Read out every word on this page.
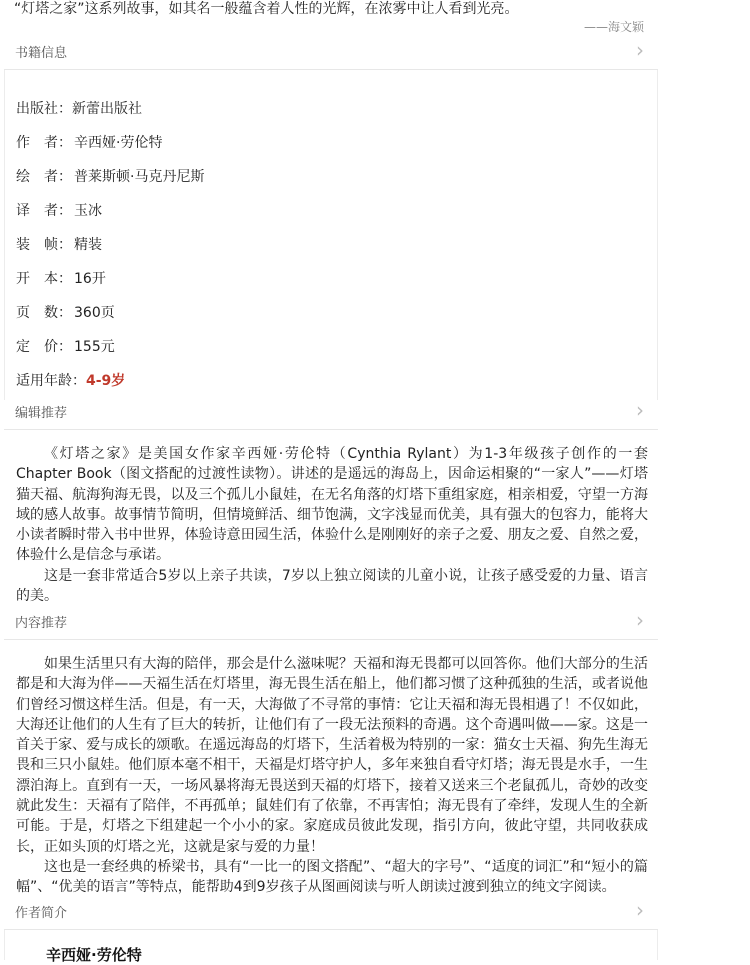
“灯塔之家”这系列故事，如其名一般蕴含着人性的光辉，在浓雾中让人看到光亮。
——海文颖
书籍信息	›
出版社：新蕾出版社
作　者： 辛西娅·劳伦特
绘　者： 普莱斯顿·马克丹尼斯
译　者： 玉冰
装　帧： 精装
开　本： 16开
页　数： 360页
定　价： 155元
适用年龄：4-9岁
编辑推荐	›

《灯塔之家》是美国女作家辛西娅·劳伦特（Cynthia Rylant）为1-3年级孩子创作的一套Chapter Book（图文搭配的过渡性读物）。讲述的是遥远的海岛上，因命运相聚的“一家人”——灯塔猫天福、航海狗海无畏，以及三个孤儿小鼠娃，在无名角落的灯塔下重组家庭，相亲相爱，守望一方海域的感人故事。故事情节简明，但情境鲜活、细节饱满，文字浅显而优美，具有强大的包容力，能将大小读者瞬时带入书中世界，体验诗意田园生活，体验什么是刚刚好的亲子之爱、朋友之爱、自然之爱，体验什么是信念与承诺。

这是一套非常适合5岁以上亲子共读，7岁以上独立阅读的儿童小说，让孩子感受爱的力量、语言的美。

内容推荐	›

如果生活里只有大海的陪伴，那会是什么滋味呢？天福和海无畏都可以回答你。他们大部分的生活都是和大海为伴——天福生活在灯塔里，海无畏生活在船上，他们都习惯了这种孤独的生活，或者说他们曾经习惯这样生活。但是，有一天，大海做了不寻常的事情：它让天福和海无畏相遇了！不仅如此，大海还让他们的人生有了巨大的转折，让他们有了一段无法预料的奇遇。这个奇遇叫做——家。这是一首关于家、爱与成长的颂歌。在遥远海岛的灯塔下，生活着极为特别的一家：猫女士天福、狗先生海无畏和三只小鼠娃。他们原本毫不相干，天福是灯塔守护人，多年来独自看守灯塔；海无畏是水手，一生漂泊海上。直到有一天，一场风暴将海无畏送到天福的灯塔下，接着又送来三个老鼠孤儿，奇妙的改变就此发生：天福有了陪伴，不再孤单；鼠娃们有了依靠，不再害怕；海无畏有了牵绊，发现人生的全新可能。于是，灯塔之下组建起一个小小的家。家庭成员彼此发现，指引方向，彼此守望，共同收获成长，正如头顶的灯塔之光，这就是家与爱的力量！

这也是一套经典的桥梁书，具有“一比一的图文搭配”、“超大的字号”、“适度的词汇”和“短小的篇幅”、“优美的语言”等特点，能帮助4到9岁孩子从图画阅读与听人朗读过渡到独立的纯文字阅读。

作者简介	›
辛西娅·劳伦特
